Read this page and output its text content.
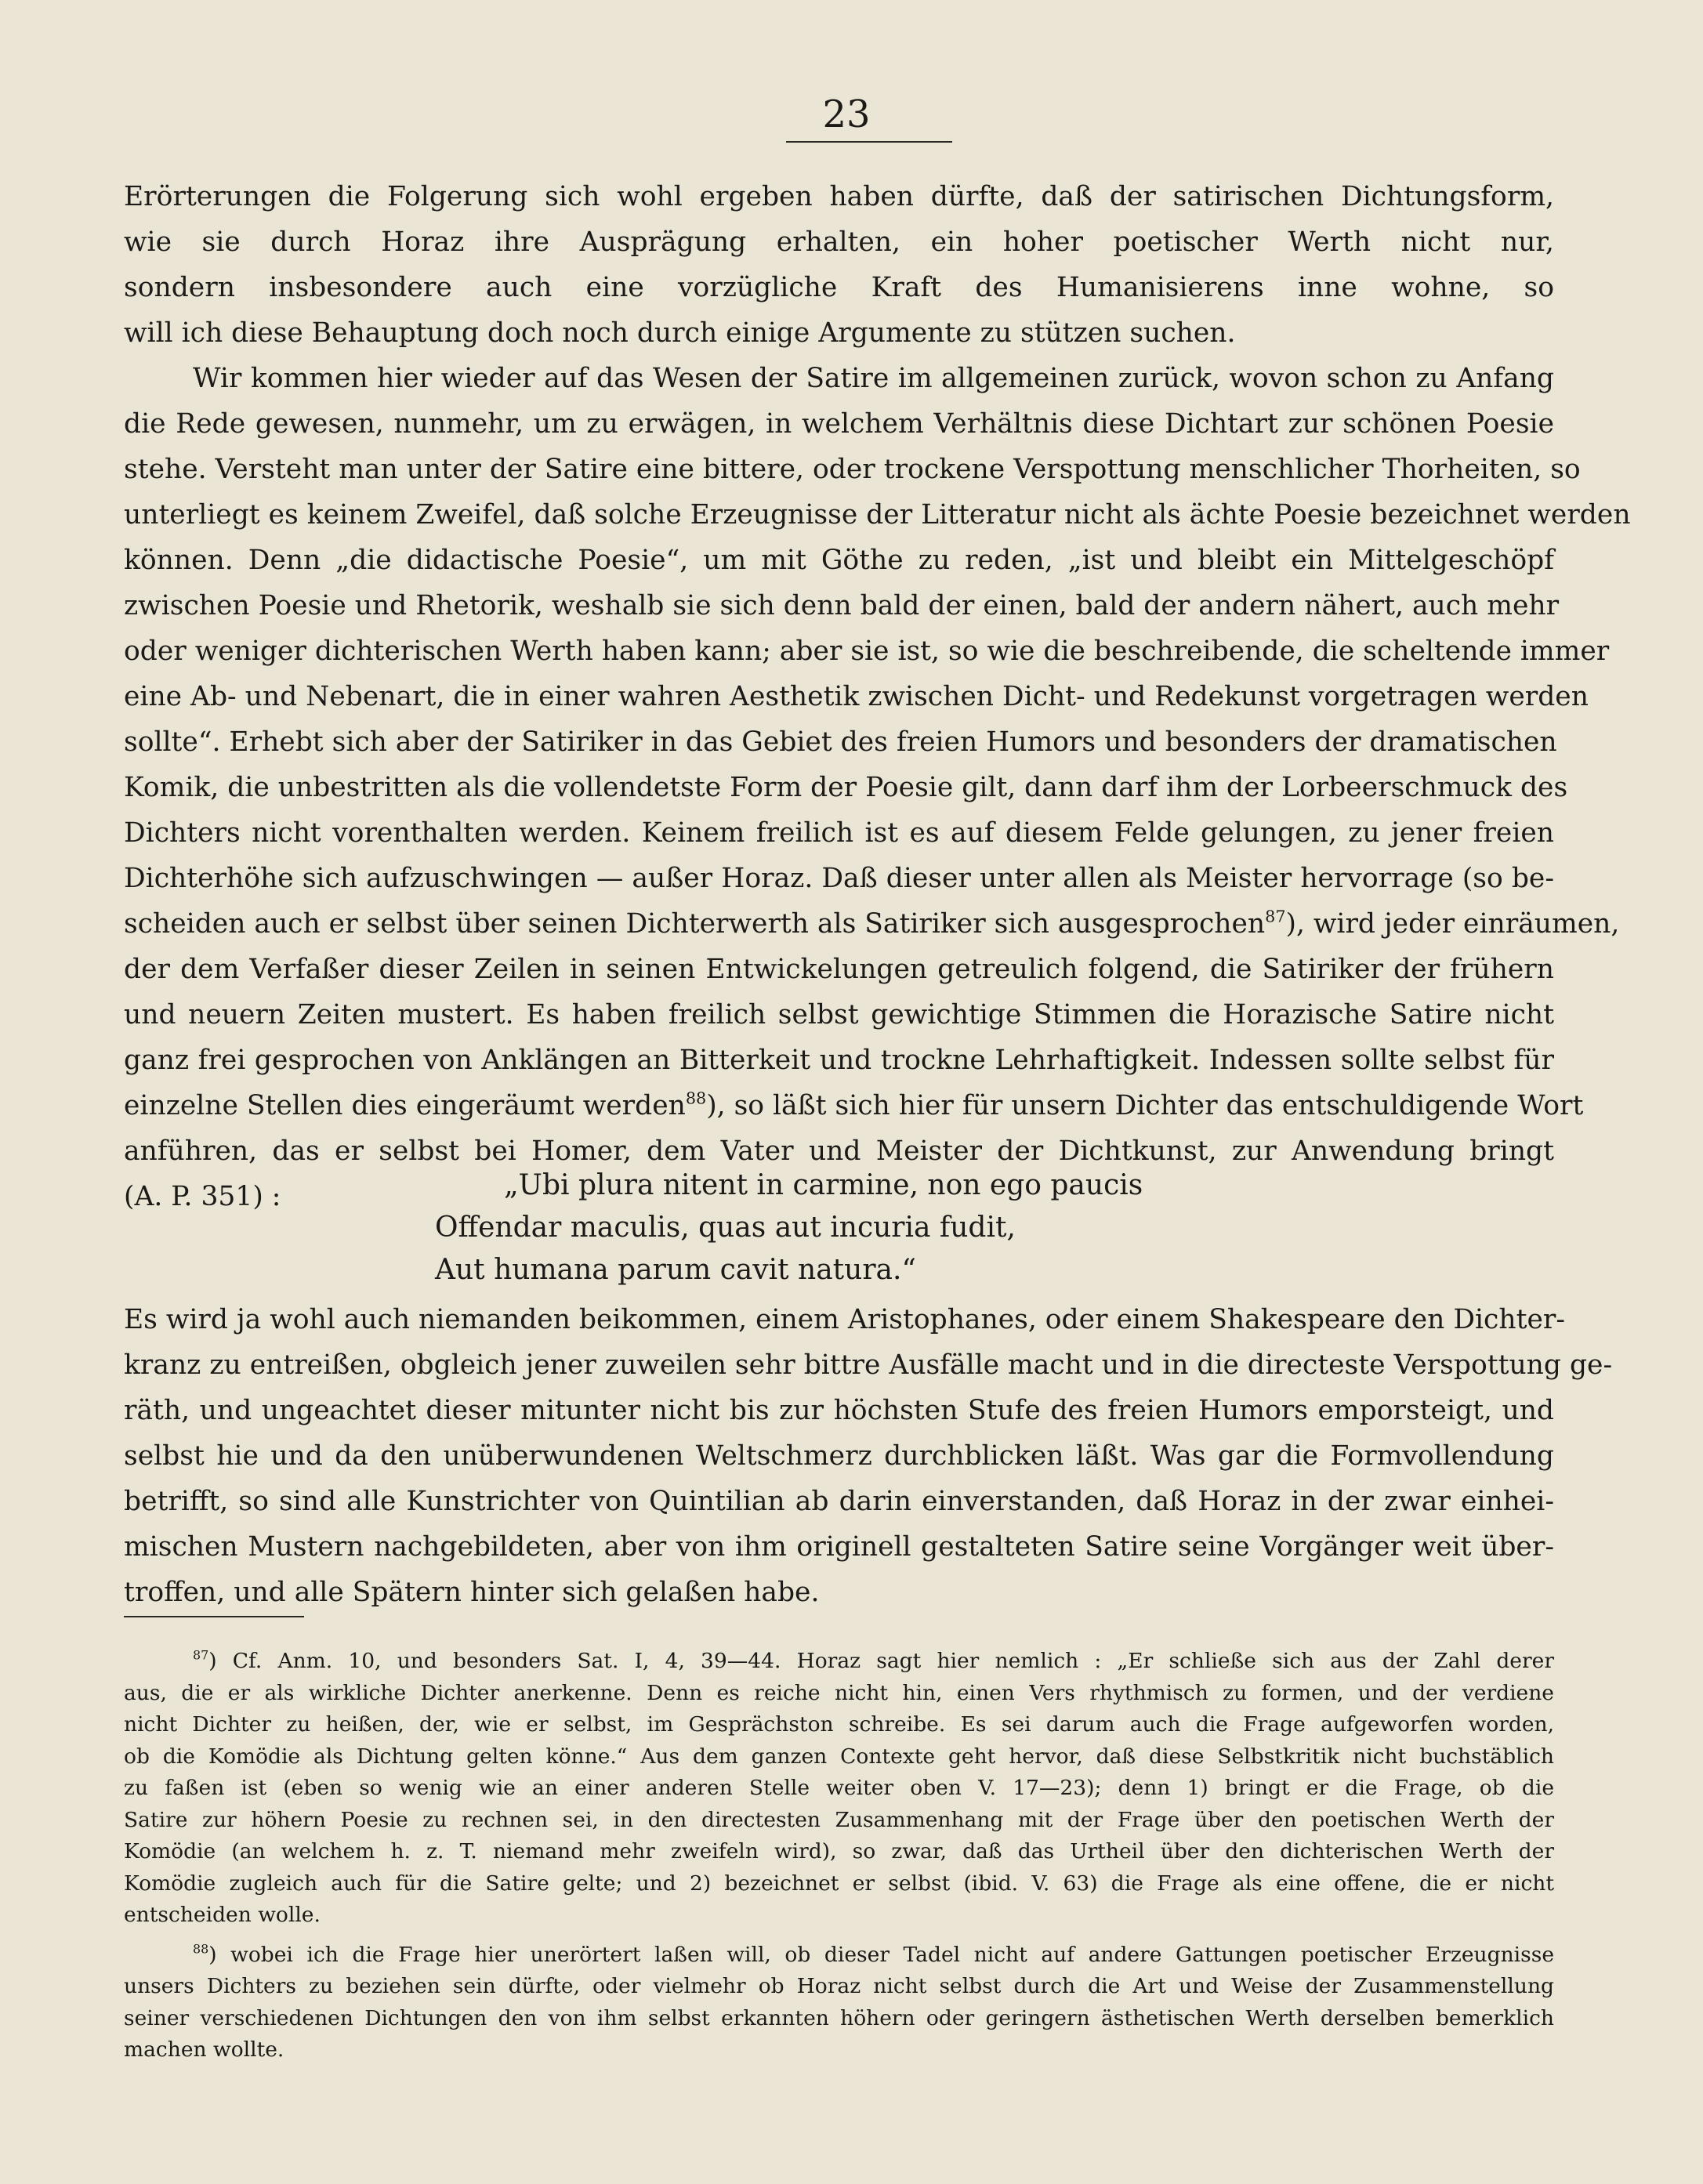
23
Erörterungen die Folgerung sich wohl ergeben haben dürfte, daß der satirischen Dichtungsform,
wie sie durch Horaz ihre Ausprägung erhalten, ein hoher poetischer Werth nicht nur,
sondern insbesondere auch eine vorzügliche Kraft des Humanisierens inne wohne, so
will ich diese Behauptung doch noch durch einige Argumente zu stützen suchen.
Wir kommen hier wieder auf das Wesen der Satire im allgemeinen zurück, wovon schon zu Anfang
die Rede gewesen, nunmehr, um zu erwägen, in welchem Verhältnis diese Dichtart zur schönen Poesie
stehe. Versteht man unter der Satire eine bittere, oder trockene Verspottung menschlicher Thorheiten, so
unterliegt es keinem Zweifel, daß solche Erzeugnisse der Litteratur nicht als ächte Poesie bezeichnet werden
können. Denn „die didactische Poesie“, um mit Göthe zu reden, „ist und bleibt ein Mittelgeschöpf
zwischen Poesie und Rhetorik, weshalb sie sich denn bald der einen, bald der andern nähert, auch mehr
oder weniger dichterischen Werth haben kann; aber sie ist, so wie die beschreibende, die scheltende immer
eine Ab- und Nebenart, die in einer wahren Aesthetik zwischen Dicht- und Redekunst vorgetragen werden
sollte“. Erhebt sich aber der Satiriker in das Gebiet des freien Humors und besonders der dramatischen
Komik, die unbestritten als die vollendetste Form der Poesie gilt, dann darf ihm der Lorbeerschmuck des
Dichters nicht vorenthalten werden. Keinem freilich ist es auf diesem Felde gelungen, zu jener freien
Dichterhöhe sich aufzuschwingen — außer Horaz. Daß dieser unter allen als Meister hervorrage (so be-
scheiden auch er selbst über seinen Dichterwerth als Satiriker sich ausgesprochen$^{87}$), wird jeder einräumen,
der dem Verfaßer dieser Zeilen in seinen Entwickelungen getreulich folgend, die Satiriker der frühern
und neuern Zeiten mustert. Es haben freilich selbst gewichtige Stimmen die Horazische Satire nicht
ganz frei gesprochen von Anklängen an Bitterkeit und trockne Lehrhaftigkeit. Indessen sollte selbst für
einzelne Stellen dies eingeräumt werden$^{88}$), so läßt sich hier für unsern Dichter das entschuldigende Wort
anführen, das er selbst bei Homer, dem Vater und Meister der Dichtkunst, zur Anwendung bringt
(A. P. 351) :	„Ubi plura nitent in carmine, non ego paucis
Offendar maculis, quas aut incuria fudit,
Aut humana parum cavit natura.“
Es wird ja wohl auch niemanden beikommen, einem Aristophanes, oder einem Shakespeare den Dichter-
kranz zu entreißen, obgleich jener zuweilen sehr bittre Ausfälle macht und in die directeste Verspottung ge-
räth, und ungeachtet dieser mitunter nicht bis zur höchsten Stufe des freien Humors emporsteigt, und
selbst hie und da den unüberwundenen Weltschmerz durchblicken läßt. Was gar die Formvollendung
betrifft, so sind alle Kunstrichter von Quintilian ab darin einverstanden, daß Horaz in der zwar einhei-
mischen Mustern nachgebildeten, aber von ihm originell gestalteten Satire seine Vorgänger weit über-
troffen, und alle Spätern hinter sich gelaßen habe.
$^{87}$) Cf. Anm. 10, und besonders Sat. I, 4, 39—44. Horaz sagt hier nemlich : „Er schließe sich aus der Zahl derer
aus, die er als wirkliche Dichter anerkenne. Denn es reiche nicht hin, einen Vers rhythmisch zu formen, und der verdiene
nicht Dichter zu heißen, der, wie er selbst, im Gesprächston schreibe. Es sei darum auch die Frage aufgeworfen worden,
ob die Komödie als Dichtung gelten könne.“ Aus dem ganzen Contexte geht hervor, daß diese Selbstkritik nicht buchstäblich
zu faßen ist (eben so wenig wie an einer anderen Stelle weiter oben V. 17—23); denn 1) bringt er die Frage, ob die
Satire zur höhern Poesie zu rechnen sei, in den directesten Zusammenhang mit der Frage über den poetischen Werth der
Komödie (an welchem h. z. T. niemand mehr zweifeln wird), so zwar, daß das Urtheil über den dichterischen Werth der
Komödie zugleich auch für die Satire gelte; und 2) bezeichnet er selbst (ibid. V. 63) die Frage als eine offene, die er nicht
entscheiden wolle.
$^{88}$) wobei ich die Frage hier unerörtert laßen will, ob dieser Tadel nicht auf andere Gattungen poetischer Erzeugnisse
unsers Dichters zu beziehen sein dürfte, oder vielmehr ob Horaz nicht selbst durch die Art und Weise der Zusammenstellung
seiner verschiedenen Dichtungen den von ihm selbst erkannten höhern oder geringern ästhetischen Werth derselben bemerklich
machen wollte.
